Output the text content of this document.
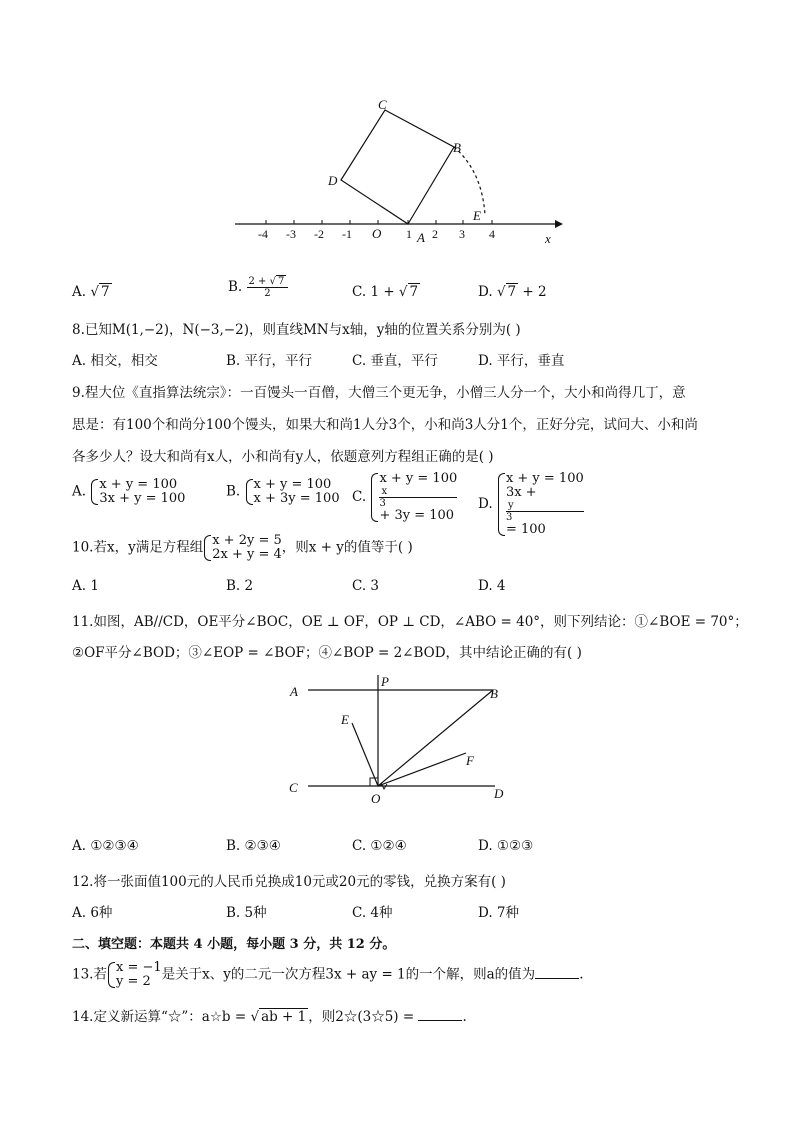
C
B
D
E
O	A	x
-4 -3 -2 -1	1 2 3 4
A. √ 7	B. $\frac{2 + √ 7}{2}$	C. 1 + √ 7	D. √ 7 + 2
8.已知M(1,−2)，N(−3,−2)，则直线MN与x轴，y轴的位置关系分别为( )
A. 相交，相交	B. 平行，平行	C. 垂直，平行	D. 平行，垂直
9.程大位《直指算法统宗》：一百馒头一百僧，大僧三个更无争，小僧三人分一个，大小和尚得几丁，意
思是：有100个和尚分100个馒头，如果大和尚1人分3个，小和尚3人分1个，正好分完，试问大、小和尚
各多少人？设大和尚有x人，小和尚有y人，依题意列方程组正确的是( )
A. x + y = 100
3x + y = 100	B. x + y = 100
x + 3y = 100 C.
x + y = 100
x
3
+ 3y = 100
D.
x + y = 100
3x +
y
3
= 100
10.若x，y满足方程组 x + 2y = 5
2x + y = 4 ，则x + y的值等于( )
A. 1	B. 2	C. 3	D. 4
11.如图，AB//CD，OE平分∠BOC，OE ⊥ OF，OP ⊥ CD，∠ABO = 40°，则下列结论：①∠BOE = 70°；
②OF平分∠BOD；③∠EOP = ∠BOF；④∠BOP = 2∠BOD，其中结论正确的有( )
A
P
B
E
F
C
O	D
A. ①②③④	B. ②③④	C. ①②④	D. ①②③
12.将一张面值100元的人民币兑换成10元或20元的零钱，兑换方案有( )
A. 6种	B. 5种	C. 4种	D. 7种
二、填空题：本题共 4 小题，每小题 3 分，共 12 分。
13.若 x = −1
y = 2 是关于x、y的二元一次方程3x + ay = 1的一个解，则a的值为	.
14.定义新运算“☆”：a☆b = √ ab + 1 ，则2☆(3☆5) =	.
